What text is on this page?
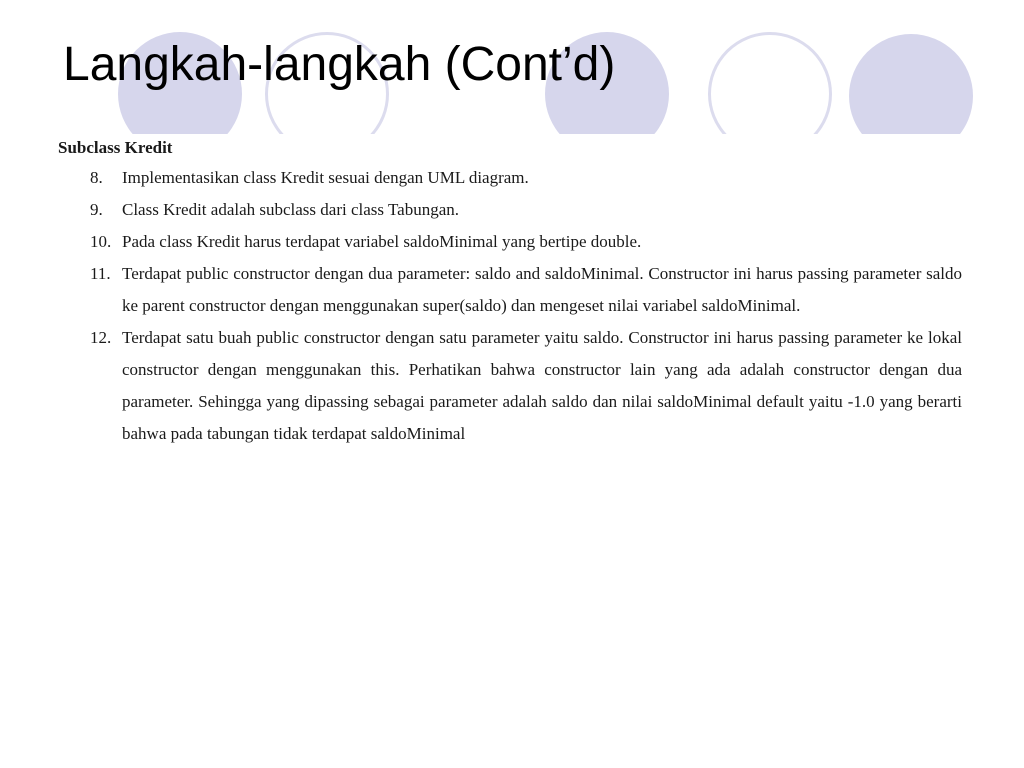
Langkah-langkah (Cont’d)
Subclass Kredit
8. Implementasikan class Kredit sesuai dengan UML diagram.
9. Class Kredit adalah subclass dari class Tabungan.
10. Pada class Kredit harus terdapat variabel saldoMinimal yang bertipe double.
11. Terdapat public constructor dengan dua parameter: saldo and saldoMinimal. Constructor ini harus passing parameter saldo ke parent constructor dengan menggunakan super(saldo) dan mengeset nilai variabel saldoMinimal.
12. Terdapat satu buah public constructor dengan satu parameter yaitu saldo. Constructor ini harus passing parameter ke lokal constructor dengan menggunakan this. Perhatikan bahwa constructor lain yang ada adalah constructor dengan dua parameter. Sehingga yang dipassing sebagai parameter adalah saldo dan nilai saldoMinimal default yaitu -1.0 yang berarti bahwa pada tabungan tidak terdapat saldoMinimal
